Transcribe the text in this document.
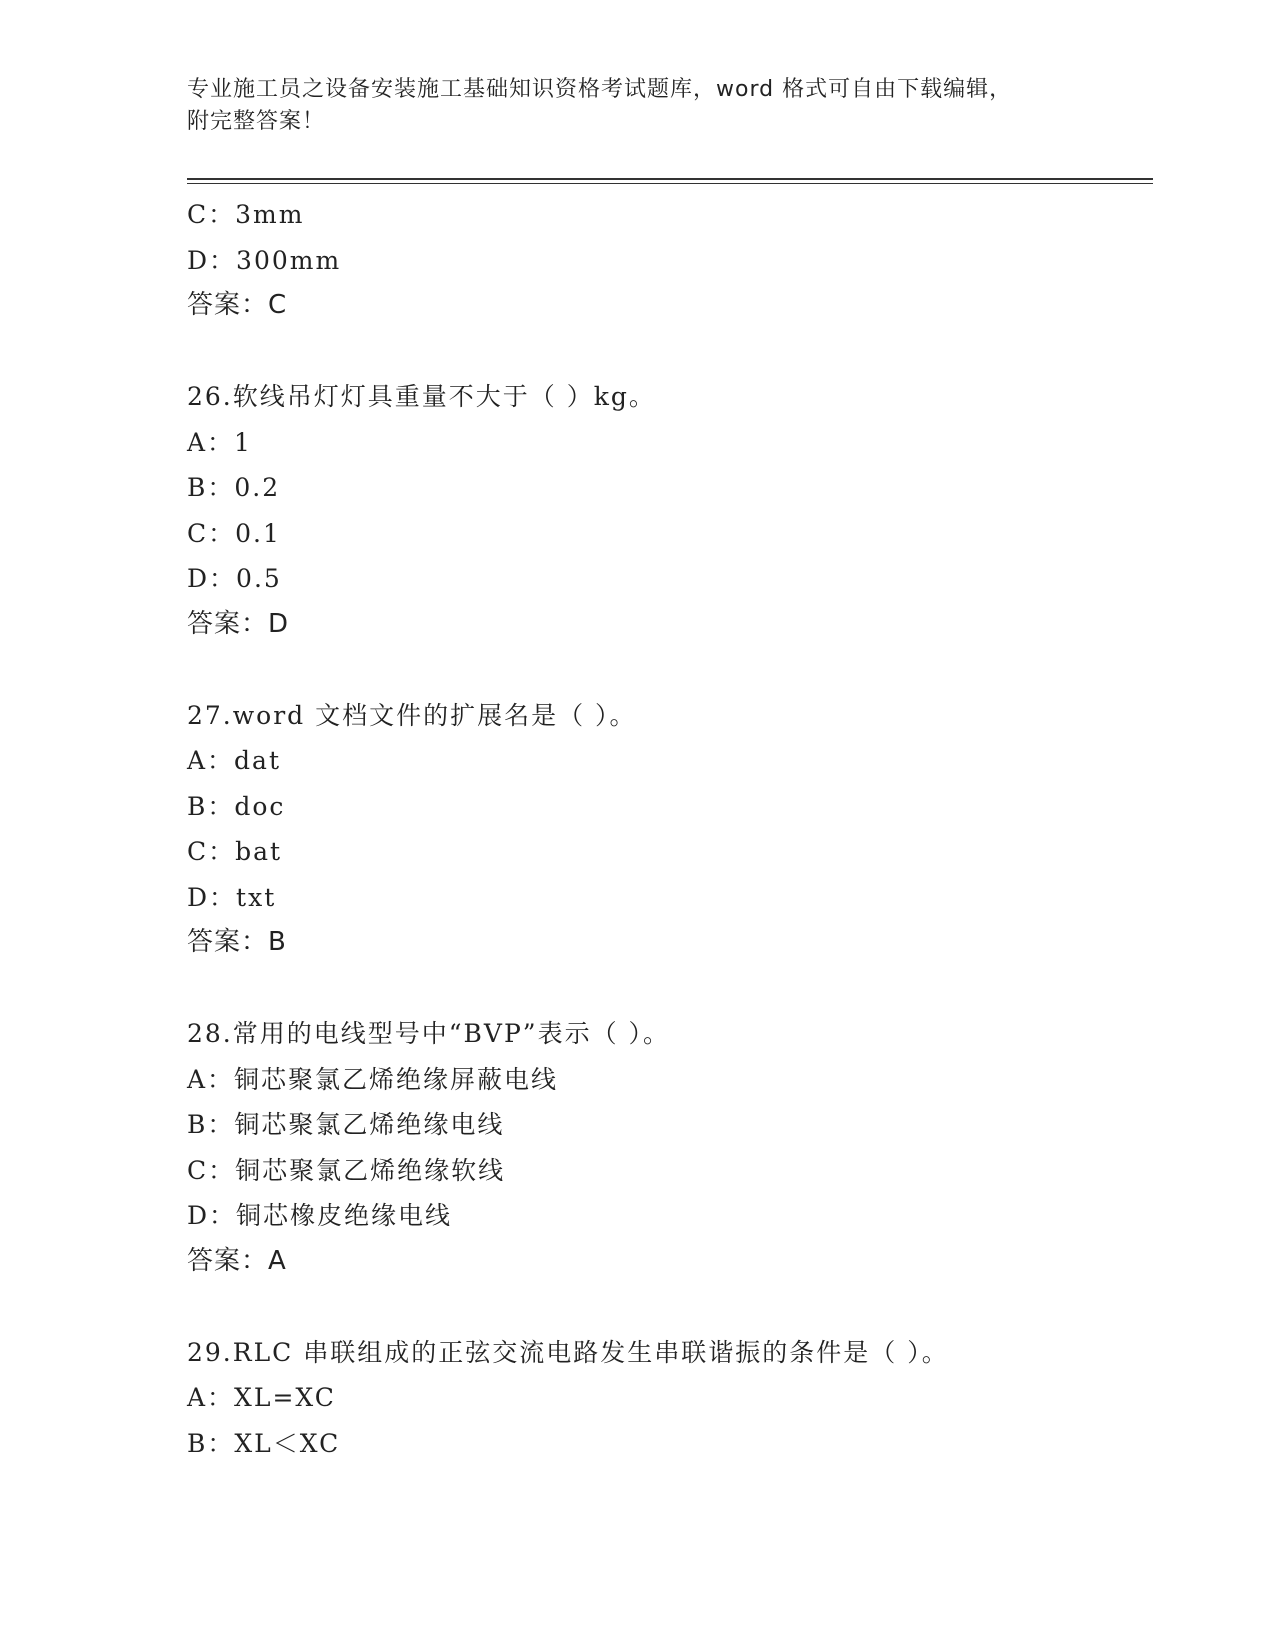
专业施工员之设备安装施工基础知识资格考试题库，word 格式可自由下载编辑，
附完整答案！
C：3mm
D：300mm
答案：C
26.软线吊灯灯具重量不大于（ ）kg。
A：1
B：0.2
C：0.1
D：0.5
答案：D
27.word 文档文件的扩展名是（ ）。
A：dat
B：doc
C：bat
D：txt
答案：B
28.常用的电线型号中“BVP”表示（ ）。
A：铜芯聚氯乙烯绝缘屏蔽电线
B：铜芯聚氯乙烯绝缘电线
C：铜芯聚氯乙烯绝缘软线
D：铜芯橡皮绝缘电线
答案：A
29.RLC 串联组成的正弦交流电路发生串联谐振的条件是（ ）。
A：XL=XC
B：XL＜XC
